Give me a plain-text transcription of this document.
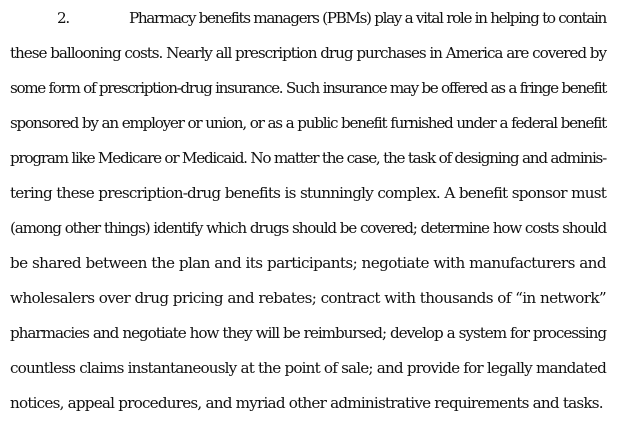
2.	Pharmacy benefits managers (PBMs) play a vital role in helping to contain

these ballooning costs. Nearly all prescription drug purchases in America are covered by

some form of prescription-drug insurance. Such insurance may be offered as a fringe benefit

sponsored by an employer or union, or as a public benefit furnished under a federal benefit

program like Medicare or Medicaid. No matter the case, the task of designing and adminis-

tering these prescription-drug benefits is stunningly complex. A benefit sponsor must

(among other things) identify which drugs should be covered; determine how costs should

be shared between the plan and its participants; negotiate with manufacturers and

wholesalers over drug pricing and rebates; contract with thousands of “in network”

pharmacies and negotiate how they will be reimbursed; develop a system for processing

countless claims instantaneously at the point of sale; and provide for legally mandated

notices, appeal procedures, and myriad other administrative requirements and tasks.
